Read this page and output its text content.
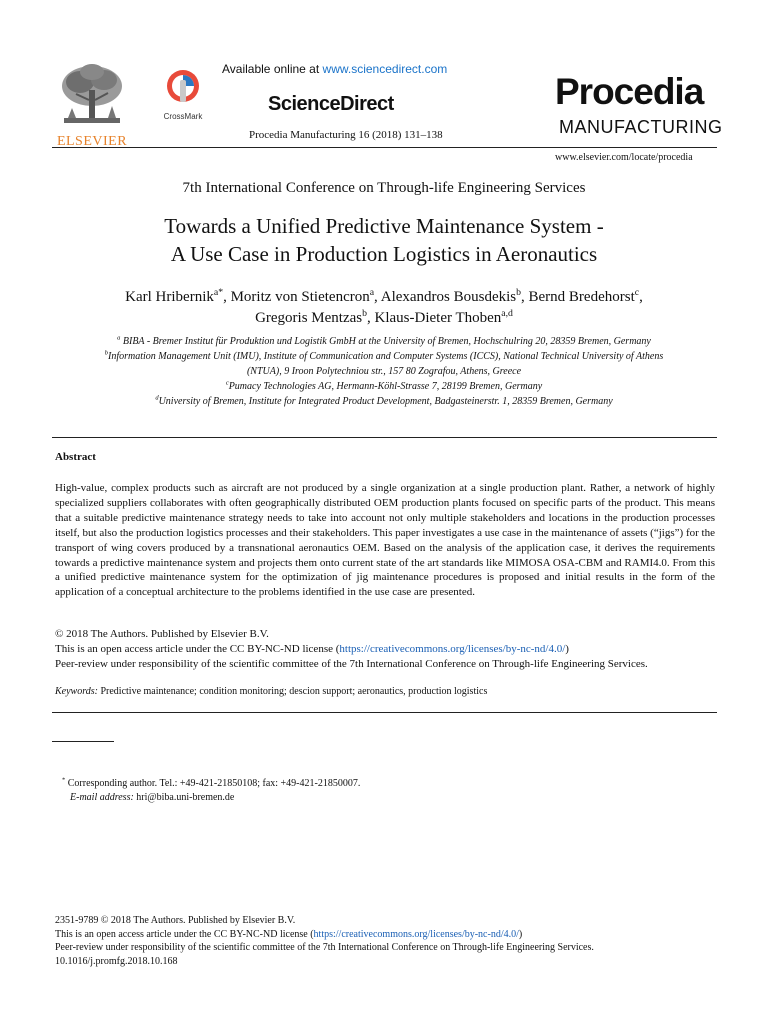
ELSEVIER
CrossMark
Available online at www.sciencedirect.com
ScienceDirect
Procedia Manufacturing 16 (2018) 131–138
Procedia
MANUFACTURING
www.elsevier.com/locate/procedia
7th International Conference on Through-life Engineering Services
Towards a Unified Predictive Maintenance System -
A Use Case in Production Logistics in Aeronautics
Karl Hribernik$^{a*}$, Moritz von Stietencron$^a$, Alexandros Bousdekis$^b$, Bernd Bredehorst$^c$,
Gregoris Mentzas$^b$, Klaus-Dieter Thoben$^{a,d}$
$^a$ BIBA - Bremer Institut für Produktion und Logistik GmbH at the University of Bremen, Hochschulring 20, 28359 Bremen, Germany
$^b$Information Management Unit (IMU), Institute of Communication and Computer Systems (ICCS), National Technical University of Athens
(NTUA), 9 Iroon Polytechniou str., 157 80 Zografou, Athens, Greece
$^c$Pumacy Technologies AG, Hermann-Köhl-Strasse 7, 28199 Bremen, Germany
$^d$University of Bremen, Institute for Integrated Product Development, Badgasteinerstr. 1, 28359 Bremen, Germany
Abstract
High-value, complex products such as aircraft are not produced by a single organization at a single production plant. Rather, a network of highly specialized suppliers collaborates with often geographically distributed OEM production plants focused on specific parts of the product. This means that a suitable predictive maintenance strategy needs to take into account not only multiple stakeholders and locations in the production processes itself, but also the production logistics processes and their stakeholders. This paper investigates a use case in the maintenance of assets (“jigs”) for the transport of wing covers produced by a transnational aeronautics OEM. Based on the analysis of the application case, it derives the requirements towards a predictive maintenance system and projects them onto current state of the art standards like MIMOSA OSA-CBM and RAMI4.0. From this a unified predictive maintenance system for the optimization of jig maintenance procedures is proposed and initial results in the form of the application of a conceptual architecture to the problems identified in the use case are presented.
© 2018 The Authors. Published by Elsevier B.V.
This is an open access article under the CC BY-NC-ND license (https://creativecommons.org/licenses/by-nc-nd/4.0/)
Peer-review under responsibility of the scientific committee of the 7th International Conference on Through-life Engineering Services.
Keywords: Predictive maintenance; condition monitoring; descion support; aeronautics, production logistics
* Corresponding author. Tel.: +49-421-21850108; fax: +49-421-21850007.
E-mail address: hri@biba.uni-bremen.de
2351-9789 © 2018 The Authors. Published by Elsevier B.V.
This is an open access article under the CC BY-NC-ND license (https://creativecommons.org/licenses/by-nc-nd/4.0/)
Peer-review under responsibility of the scientific committee of the 7th International Conference on Through-life Engineering Services.
10.1016/j.promfg.2018.10.168
